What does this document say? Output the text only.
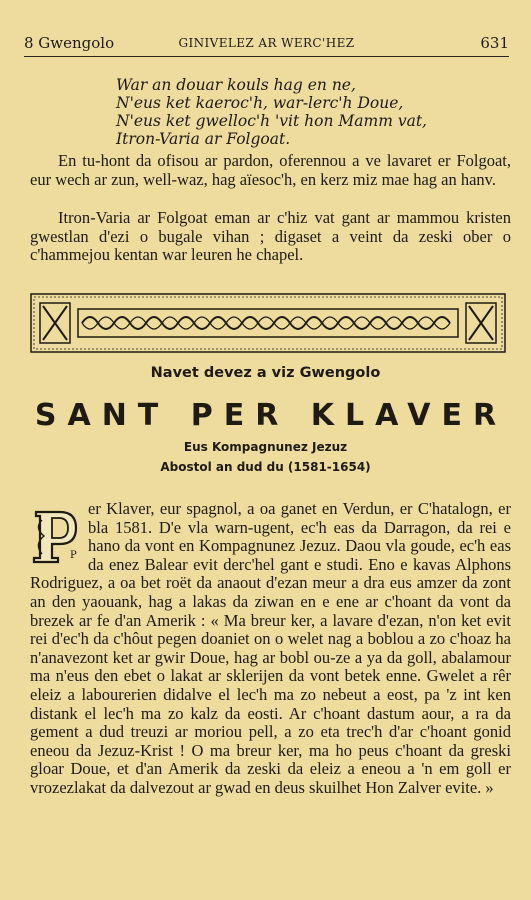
8 Gwengolo	GINIVELEZ AR WERC'HEZ	631
War an douar kouls hag en ne,
N'eus ket kaeroc'h, war-lerc'h Doue,
N'eus ket gwelloc'h 'vit hon Mamm vat,
Itron-Varia ar Folgoat.

En tu-hont da ofisou ar pardon, oferennou a ve lavaret er Folgoat, eur wech ar zun, well-waz, hag aïesoc'h, en kerz miz mae hag an hanv.

Itron-Varia ar Folgoat eman ar c'hiz vat gant ar mammou kristen gwestlan d'ezi o bugale vihan ; digaset a veint da zeski ober o c'hammejou kentan war leuren he chapel.

Navet devez a viz Gwengolo
SANT PER KLAVER
Eus Kompagnunez Jezuz
Abostol an dud du (1581-1654)
P
er Klaver, eur spagnol, a oa ganet en Verdun, er C'hatalogn, er bla 1581. D'e vla warn-ugent, ec'h eas da Darragon, da rei e hano da vont en Kompagnunez Jezuz. Daou vla goude, ec'h eas da enez Balear evit derc'hel gant e studi. Eno e kavas Alphons Rodriguez, a oa bet roët da anaout d'ezan meur a dra eus amzer da zont an den yaouank, hag a lakas da ziwan en e ene ar c'hoant da vont da brezek ar fe d'an Amerik : « Ma breur ker, a lavare d'ezan, n'on ket evit rei d'ec'h da c'hôut pegen doaniet on o welet nag a boblou a zo c'hoaz ha n'anavezont ket ar gwir Doue, hag ar bobl ou-ze a ya da goll, abalamour ma n'eus den ebet o lakat ar sklerijen da vont betek enne. Gwelet a rêr eleiz a labourerien didalve el lec'h ma zo nebeut a eost, pa 'z int ken distank el lec'h ma zo kalz da eosti. Ar c'hoant dastum aour, a ra da gement a dud treuzi ar moriou pell, a zo eta trec'h d'ar c'hoant gonid eneou da Jezuz-Krist ! O ma breur ker, ma ho peus c'hoant da greski gloar Doue, et d'an Amerik da zeski da eleiz a eneou a 'n em goll er vrozezlakat da dalvezout ar gwad en deus skuilhet Hon Zalver evite. »
